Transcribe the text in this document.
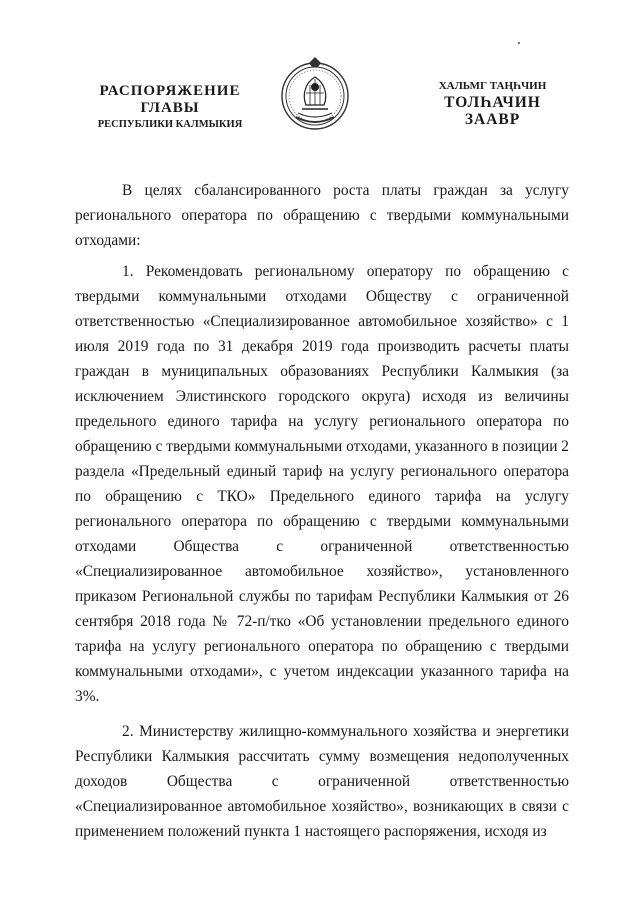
РАСПОРЯЖЕНИЕ
ГЛАВЫ
РЕСПУБЛИКИ КАЛМЫКИЯ
ХАЛЬМГ ТАҢҺЧИН
ТОЛҺАЧИН
ЗААВР

В целях сбалансированного роста платы граждан за услугу регионального оператора по обращению с твердыми коммунальными отходами:

1. Рекомендовать региональному оператору по обращению с твердыми коммунальными отходами Обществу с ограниченной ответственностью «Специализированное автомобильное хозяйство» с 1 июля 2019 года по 31 декабря 2019 года производить расчеты платы граждан в муниципальных образованиях Республики Калмыкия (за исключением Элистинского городского округа) исходя из величины предельного единого тарифа на услугу регионального оператора по обращению с твердыми коммунальными отходами, указанного в позиции 2 раздела «Предельный единый тариф на услугу регионального оператора по обращению с ТКО» Предельного единого тарифа на услугу регионального оператора по обращению с твердыми коммунальными отходами Общества с ограниченной ответственностью «Специализированное автомобильное хозяйство», установленного приказом Региональной службы по тарифам Республики Калмыкия от 26 сентября 2018 года № 72-п/тко «Об установлении предельного единого тарифа на услугу регионального оператора по обращению с твердыми коммунальными отходами», с учетом индексации указанного тарифа на 3%.

2. Министерству жилищно-коммунального хозяйства и энергетики Республики Калмыкия рассчитать сумму возмещения недополученных доходов Общества с ограниченной ответственностью «Специализированное автомобильное хозяйство», возникающих в связи с применением положений пункта 1 настоящего распоряжения, исходя из
